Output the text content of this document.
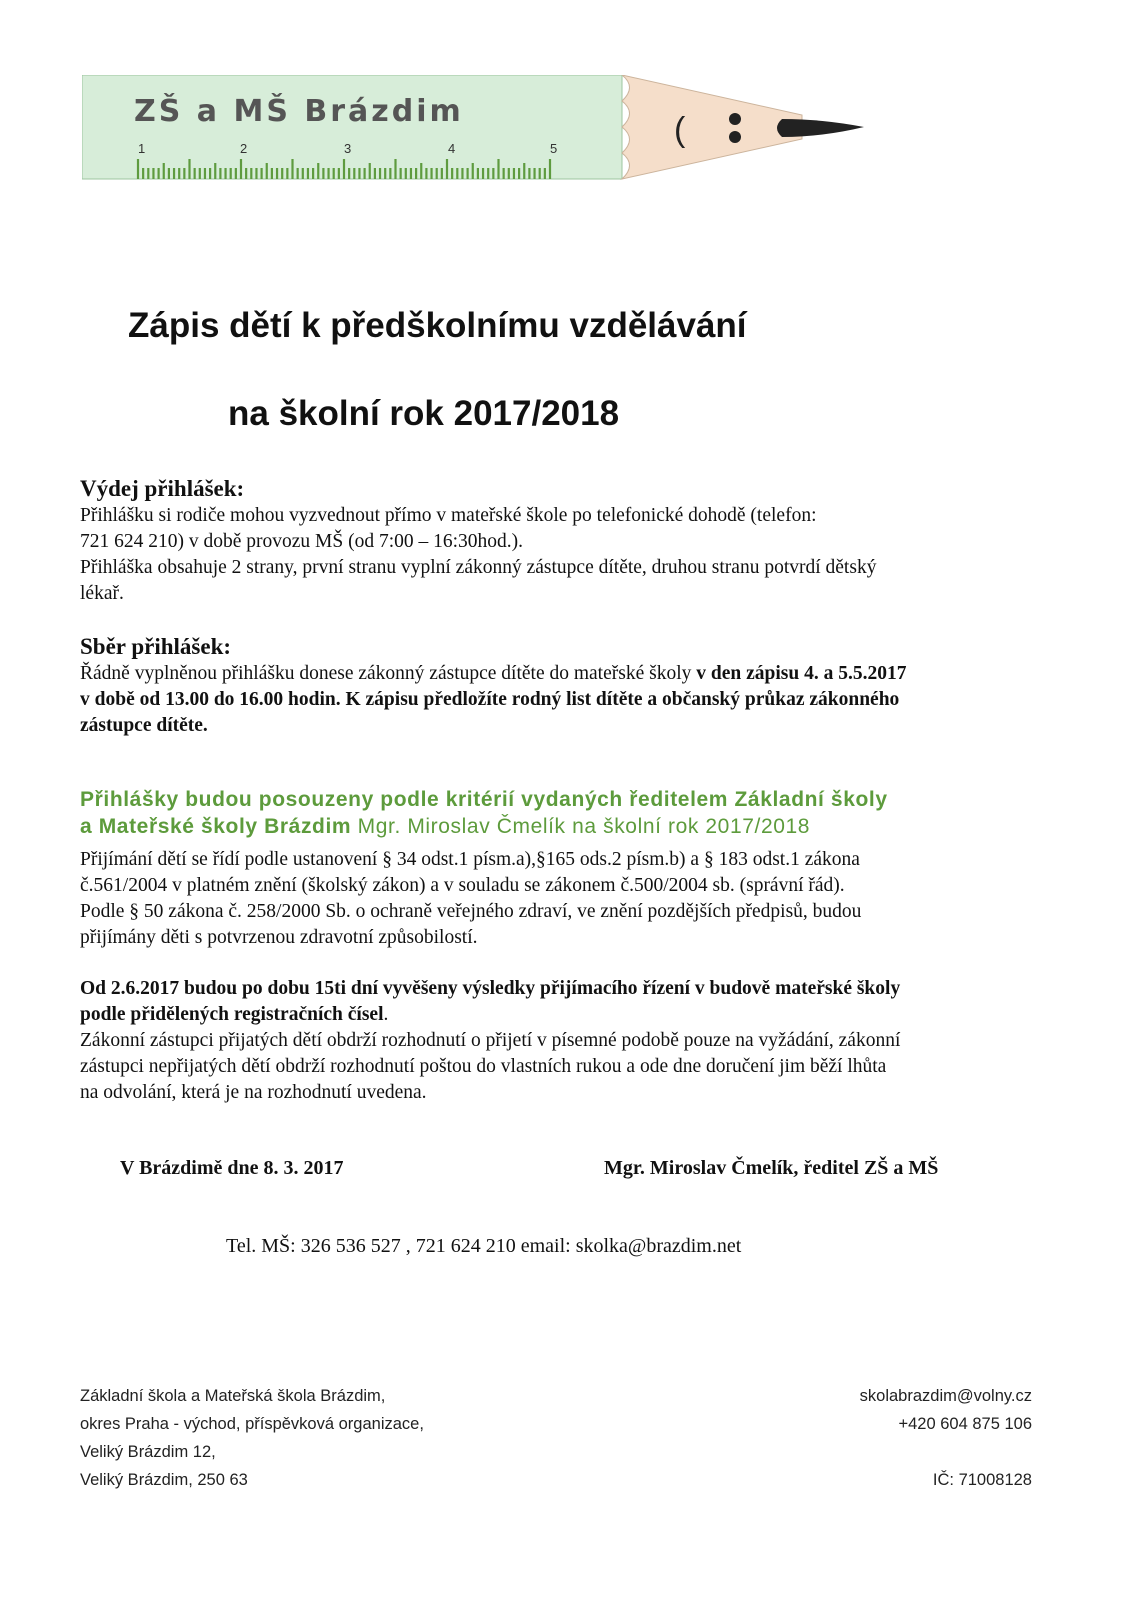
(
ZŠ a MŠ Brázdim
1	2	3	4	5
Zápis dětí k předškolnímu vzdělávání
na školní rok 2017/2018
Výdej přihlášek:
Přihlášku si rodiče mohou vyzvednout přímo v mateřské škole po telefonické dohodě (telefon:
721 624 210) v době provozu MŠ (od 7:00 – 16:30hod.).
Přihláška obsahuje 2 strany, první stranu vyplní zákonný zástupce dítěte, druhou stranu potvrdí dětský
lékař.
Sběr přihlášek:
Řádně vyplněnou přihlášku donese zákonný zástupce dítěte do mateřské školy v den zápisu 4. a 5.5.2017
v době od 13.00 do 16.00 hodin. K zápisu předložíte rodný list dítěte a občanský průkaz zákonného
zástupce dítěte.
Přihlášky budou posouzeny podle kritérií vydaných ředitelem Základní školy
a Mateřské školy Brázdim Mgr. Miroslav Čmelík na školní rok 2017/2018
Přijímání dětí se řídí podle ustanovení § 34 odst.1 písm.a),§165 ods.2 písm.b) a § 183 odst.1 zákona
č.561/2004 v platném znění (školský zákon) a v souladu se zákonem č.500/2004 sb. (správní řád).
Podle § 50 zákona č. 258/2000 Sb. o ochraně veřejného zdraví, ve znění pozdějších předpisů, budou
přijímány děti s potvrzenou zdravotní způsobilostí.
Od 2.6.2017 budou po dobu 15ti dní vyvěšeny výsledky přijímacího řízení v budově mateřské školy
podle přidělených registračních čísel.
Zákonní zástupci přijatých dětí obdrží rozhodnutí o přijetí v písemné podobě pouze na vyžádání, zákonní
zástupci nepřijatých dětí obdrží rozhodnutí poštou do vlastních rukou a ode dne doručení jim běží lhůta
na odvolání, která je na rozhodnutí uvedena.
V Brázdimě dne 8. 3. 2017	Mgr. Miroslav Čmelík, ředitel ZŠ a MŠ
Tel. MŠ: 326 536 527 , 721 624 210 email: skolka@brazdim.net
Základní škola a Mateřská škola Brázdim,
okres Praha - východ, příspěvková organizace,
Veliký Brázdim 12,
Veliký Brázdim, 250 63
skolabrazdim@volny.cz
+420 604 875 106

IČ: 71008128
